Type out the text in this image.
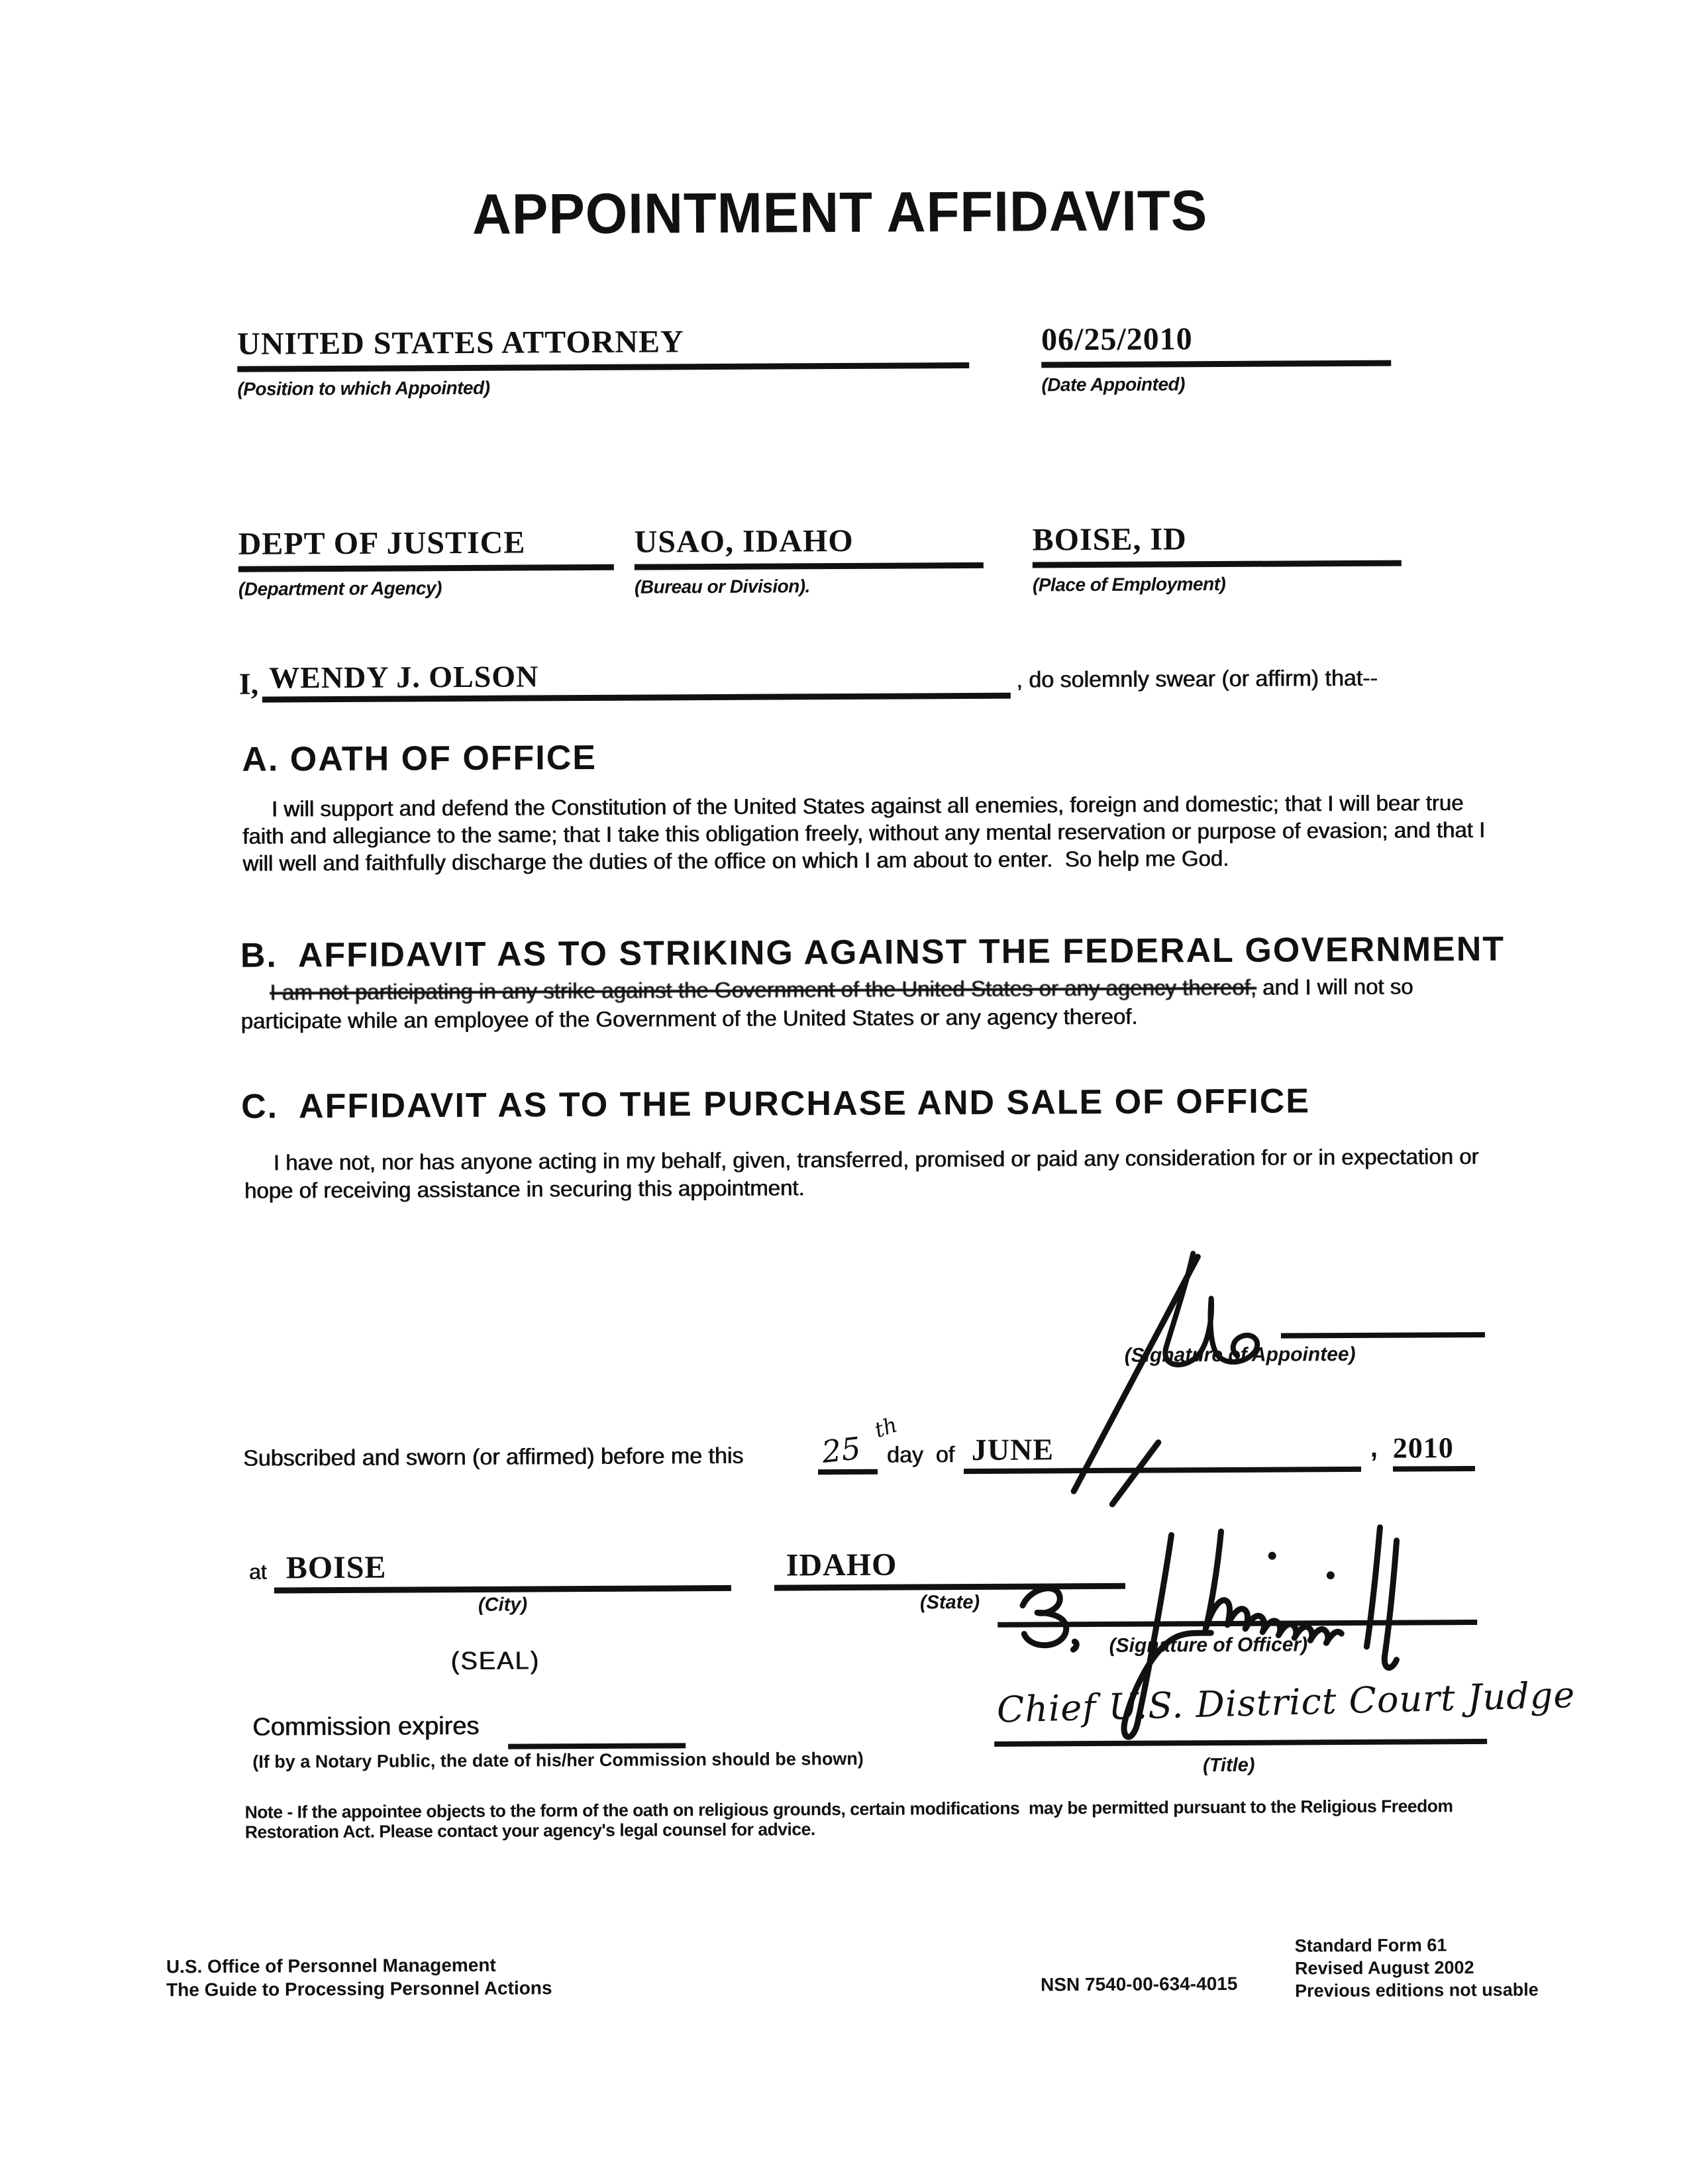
APPOINTMENT AFFIDAVITS
UNITED STATES ATTORNEY
(Position to which Appointed)
06/25/2010
(Date Appointed)
DEPT OF JUSTICE
(Department or Agency)
USAO, IDAHO
(Bureau or Division).
BOISE, ID
(Place of Employment)
I, WENDY J. OLSON	, do solemnly swear (or affirm) that--
A. OATH OF OFFICE

I will support and defend the Constitution of the United States against all enemies, foreign and domestic; that I will bear true faith and allegiance to the same; that I take this obligation freely, without any mental reservation or purpose of evasion; and that I will well and faithfully discharge the duties of the office on which I am about to enter.  So help me God.

B.  AFFIDAVIT AS TO STRIKING AGAINST THE FEDERAL GOVERNMENT

I am not participating in any strike against the Government of the United States or any agency thereof, and I will not so participate while an employee of the Government of the United States or any agency thereof.

C.  AFFIDAVIT AS TO THE PURCHASE AND SALE OF OFFICE

I have not, nor has anyone acting in my behalf, given, transferred, promised or paid any consideration for or in expectation or hope of receiving assistance in securing this appointment.

(Signature of Appointee)
Subscribed and sworn (or affirmed) before me this	25
th
day  of JUNE	, 2010
at BOISE
(City)
IDAHO
(State)
(Signature of Officer)
(SEAL)
Commission expires
(If by a Notary Public, the date of his/her Commission should be shown)
Chief U.S. District Court Judge
(Title)
Note - If the appointee objects to the form of the oath on religious grounds, certain modifications  may be permitted pursuant to the Religious Freedom Restoration Act. Please contact your agency's legal counsel for advice.
U.S. Office of Personnel Management
The Guide to Processing Personnel Actions	NSN 7540-00-634-4015
Standard Form 61
Revised August 2002
Previous editions not usable
